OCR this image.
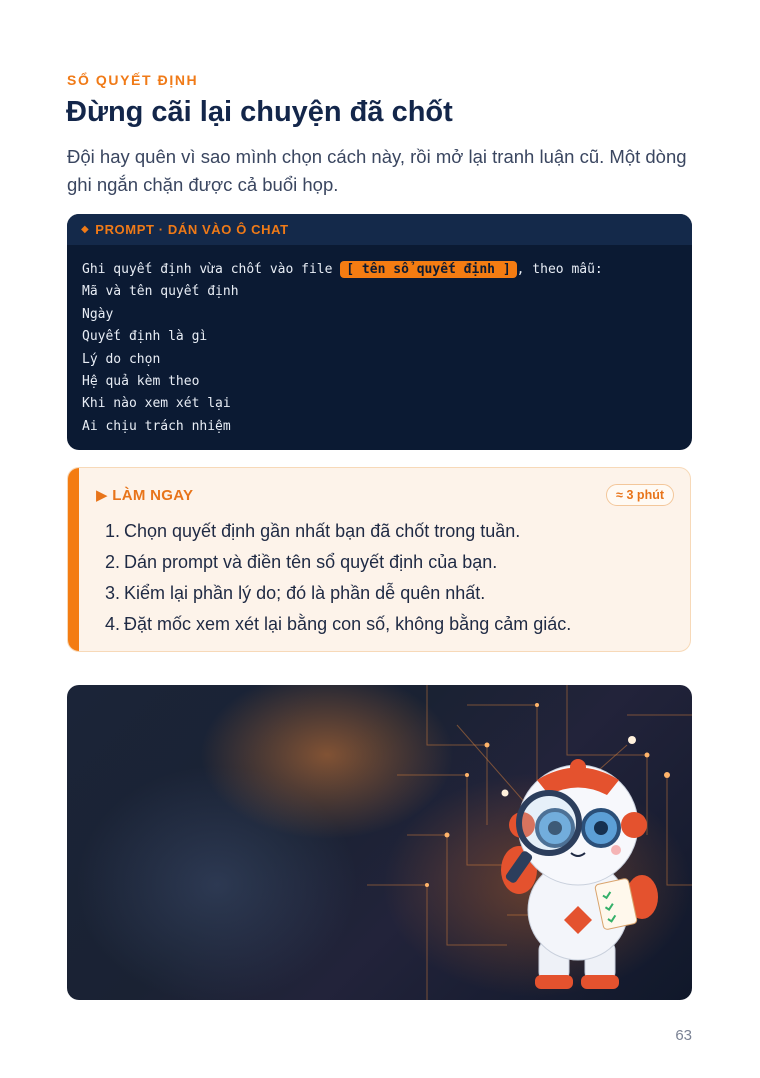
SỔ QUYẾT ĐỊNH
Đừng cãi lại chuyện đã chốt

Đội hay quên vì sao mình chọn cách này, rồi mở lại tranh luận cũ. Một dòng ghi ngắn chặn được cả buổi họp.

◆ PROMPT · DÁN VÀO Ô CHAT
Ghi quyết định vừa chốt vào file [ tên sổ quyết định ] , theo mẫu:
Mã và tên quyết định
Ngày
Quyết định là gì
Lý do chọn
Hệ quả kèm theo
Khi nào xem xét lại
Ai chịu trách nhiệm
▶ LÀM NGAY	≈ 3 phút
1. Chọn quyết định gần nhất bạn đã chốt trong tuần.
2. Dán prompt và điền tên sổ quyết định của bạn.
3. Kiểm lại phần lý do; đó là phần dễ quên nhất.
4. Đặt mốc xem xét lại bằng con số, không bằng cảm giác.
63
